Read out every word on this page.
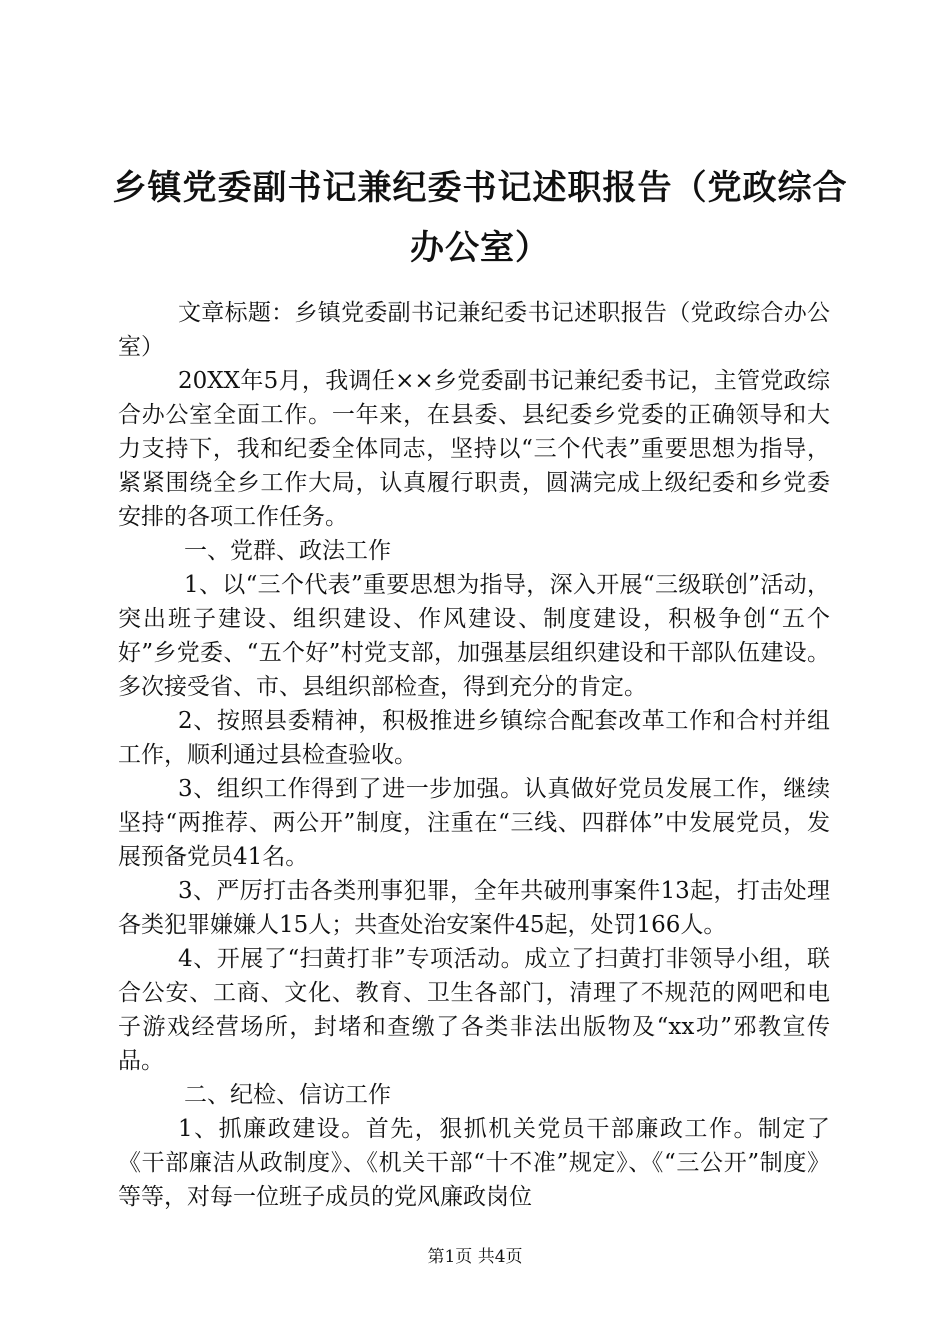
乡镇党委副书记兼纪委书记述职报告（党政综合办公室）

文章标题：乡镇党委副书记兼纪委书记述职报告（党政综合办公室）

20XX年5月，我调任××乡党委副书记兼纪委书记，主管党政综合办公室全面工作。一年来，在县委、县纪委乡党委的正确领导和大力支持下，我和纪委全体同志，坚持以“三个代表”重要思想为指导，紧紧围绕全乡工作大局，认真履行职责，圆满完成上级纪委和乡党委安排的各项工作任务。

一、党群、政法工作

1、以“三个代表”重要思想为指导，深入开展“三级联创”活动，突出班子建设、组织建设、作风建设、制度建设，积极争创“五个好”乡党委、“五个好”村党支部，加强基层组织建设和干部队伍建设。多次接受省、市、县组织部检查，得到充分的肯定。

2、按照县委精神，积极推进乡镇综合配套改革工作和合村并组工作，顺利通过县检查验收。

3、组织工作得到了进一步加强。认真做好党员发展工作，继续坚持“两推荐、两公开”制度，注重在“三线、四群体”中发展党员，发展预备党员41名。

3、严厉打击各类刑事犯罪，全年共破刑事案件13起，打击处理各类犯罪嫌嫌人15人；共查处治安案件45起，处罚166人。

4、开展了“扫黄打非”专项活动。成立了扫黄打非领导小组，联合公安、工商、文化、教育、卫生各部门，清理了不规范的网吧和电子游戏经营场所，封堵和查缴了各类非法出版物及“xx功”邪教宣传品。

二、纪检、信访工作

1、抓廉政建设。首先，狠抓机关党员干部廉政工作。制定了《干部廉洁从政制度》、《机关干部“十不准”规定》、《“三公开”制度》等等，对每一位班子成员的党风廉政岗位

第1页 共4页
